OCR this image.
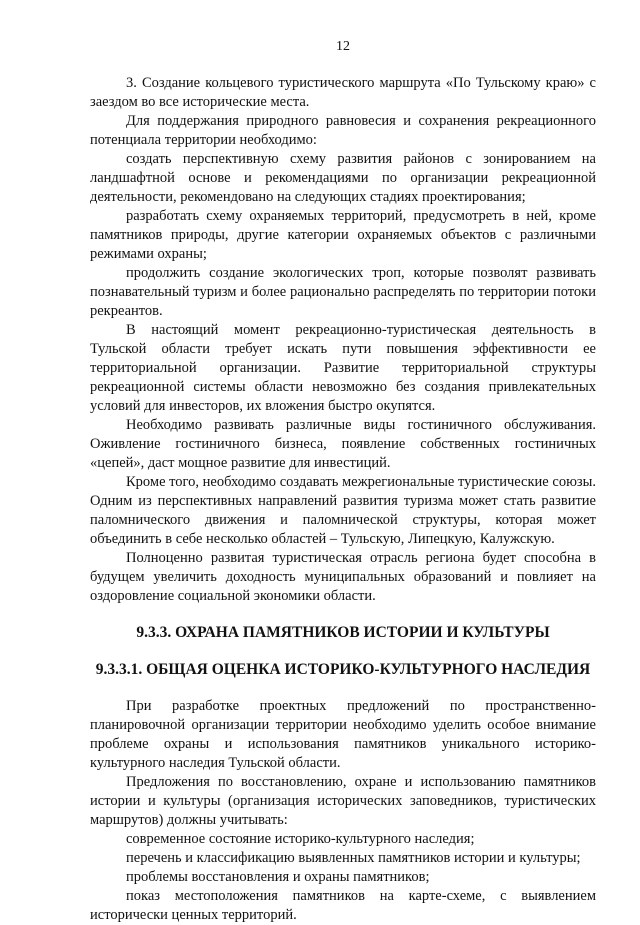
12

3. Создание кольцевого туристического маршрута «По Тульскому краю» с заездом во все исторические места.

Для поддержания природного равновесия и сохранения рекреационного потенциала территории необходимо:

создать перспективную схему развития районов с зонированием на ландшафтной основе и рекомендациями по организации рекреационной деятельности, рекомендовано на следующих стадиях проектирования;

разработать схему охраняемых территорий, предусмотреть в ней, кроме памятников природы, другие категории охраняемых объектов с различными режимами охраны;

продолжить создание экологических троп, которые позволят развивать познавательный туризм и более рационально распределять по территории потоки рекреантов.

В настоящий момент рекреационно-туристическая деятельность в Тульской области требует искать пути повышения эффективности ее территориальной организации. Развитие территориальной структуры рекреационной системы области невозможно без создания привлекательных условий для инвесторов, их вложения быстро окупятся.

Необходимо развивать различные виды гостиничного обслуживания. Оживление гостиничного бизнеса, появление собственных гостиничных «цепей», даст мощное развитие для инвестиций.

Кроме того, необходимо создавать межрегиональные туристические союзы. Одним из перспективных направлений развития туризма может стать развитие паломнического движения и паломнической структуры, которая может объединить в себе несколько областей – Тульскую, Липецкую, Калужскую.

Полноценно развитая туристическая отрасль региона будет способна в будущем увеличить доходность муниципальных образований и повлияет на оздоровление социальной экономики области.

9.3.3. ОХРАНА ПАМЯТНИКОВ ИСТОРИИ И КУЛЬТУРЫ
9.3.3.1. ОБЩАЯ ОЦЕНКА ИСТОРИКО-КУЛЬТУРНОГО НАСЛЕДИЯ

При разработке проектных предложений по пространственно-планировочной организации территории необходимо уделить особое внимание проблеме охраны и использования памятников уникального историко-культурного наследия Тульской области.

Предложения по восстановлению, охране и использованию памятников истории и культуры (организация исторических заповедников, туристических маршрутов) должны учитывать:

современное состояние историко-культурного наследия;

перечень и классификацию выявленных памятников истории и культуры;

проблемы восстановления и охраны памятников;

показ местоположения памятников на карте-схеме, с выявлением исторически ценных территорий.
